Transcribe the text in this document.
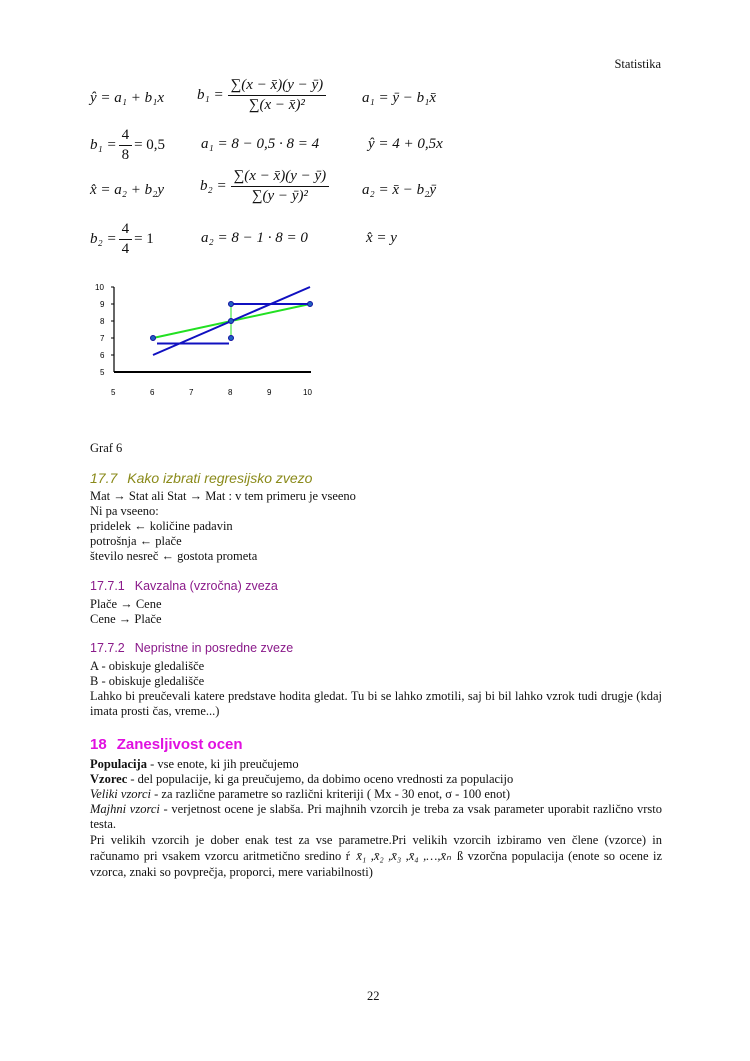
Statistika
ŷ = a₁ + b₁x $b_1 = \frac{\sum(x - x̄)(y - ȳ)}{\text{∑(x − x̄)²}} a_1$ = ȳ − b₁x̄
$b_1 = \frac{4}{8} = 0,5$ a₁ = 8 − 0,5 · 8 = 4	ŷ = 4 + 0,5x
x̂ = a₂ + b₂y $b_2 = \frac{\sum(x - x̄)(y - ȳ)}{\text{∑(y − ȳ)²}} a_2$ = x̄ − b₂ȳ
$b_2 = \frac{4}{4} = 1$	a₂ = 8 − 1 · 8 = 0	x̂ = y
10
9
8
7
6
5
5	6	7	8	9	10
Graf 6
17.7 Kako izbrati regresijsko zvezo
Mat → Stat ali Stat → Mat : v tem primeru je vseeno
Ni pa vseeno:
pridelek ← količine padavin
potrošnja ← plače
število nesreč ← gostota prometa
17.7.1 Kavzalna (vzročna) zveza
Plače → Cene
Cene → Plače
17.7.2 Nepristne in posredne zveze
A - obiskuje gledališče
B - obiskuje gledališče
Lahko bi preučevali katere predstave hodita gledat. Tu bi se lahko zmotili, saj bi bil lahko vzrok tudi drugje (kdaj imata prosti čas, vreme...)
18 Zanesljivost ocen
Populacija - vse enote, ki jih preučujemo
Vzorec - del populacije, ki ga preučujemo, da dobimo oceno vrednosti za populacijo
Veliki vzorci - za različne parametre so različni kriteriji ( Mx - 30 enot, σ - 100 enot)
Majhni vzorci - verjetnost ocene je slabša. Pri majhnih vzorcih je treba za vsak parameter uporabit različno vrsto testa.
Pri velikih vzorcih je dober enak test za vse parametre.Pri velikih vzorcih izbiramo ven člene (vzorce) in računamo pri vsakem vzorcu aritmetično sredino ŕ x̄₁ ,x̄₂ ,x̄₃ ,x̄₄ ,…,x̄ₙ ß vzorčna populacija (enote so ocene iz vzorca, znaki so povprečja, proporci, mere variabilnosti)
22
